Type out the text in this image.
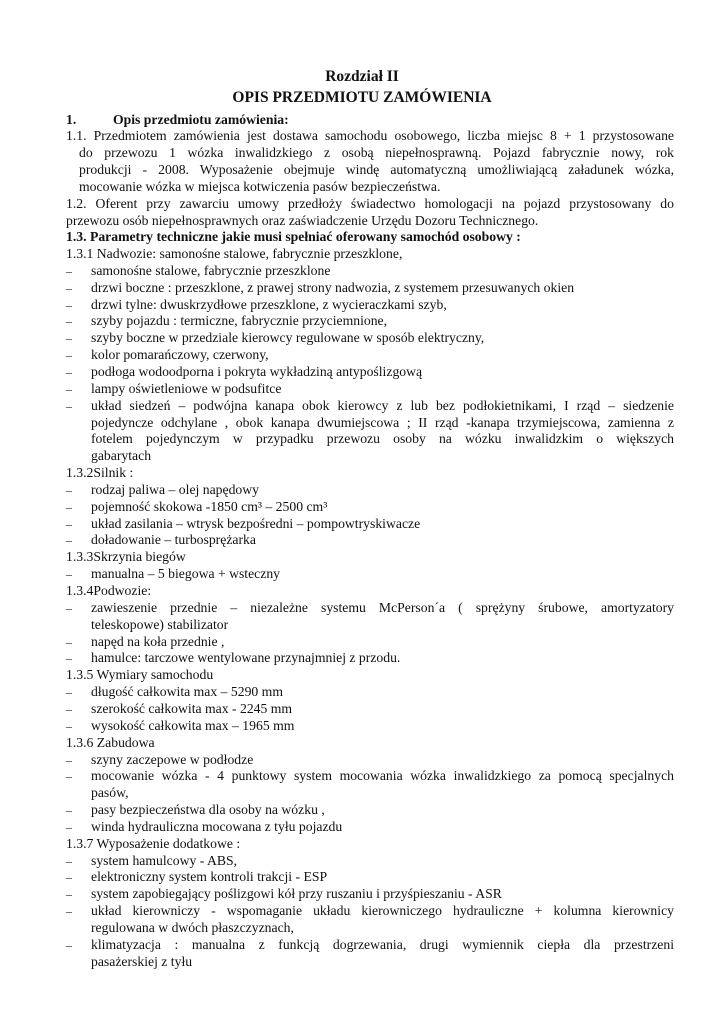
Rozdział II
OPIS PRZEDMIOTU ZAMÓWIENIA
1.	Opis przedmiotu zamówienia:
1.1. Przedmiotem zamówienia jest dostawa samochodu osobowego, liczba miejsc 8 + 1 przystosowane
do przewozu 1 wózka inwalidzkiego z osobą niepełnosprawną. Pojazd fabrycznie nowy, rok
produkcji - 2008. Wyposażenie obejmuje windę automatyczną umożliwiającą załadunek wózka,
mocowanie wózka w miejsca kotwiczenia pasów bezpieczeństwa.
1.2. Oferent przy zawarciu umowy przedłoży świadectwo homologacji na pojazd przystosowany do
przewozu osób niepełnosprawnych oraz zaświadczenie Urzędu Dozoru Technicznego.
1.3. Parametry techniczne jakie musi spełniać oferowany samochód osobowy :
1.3.1 Nadwozie: samonośne stalowe, fabrycznie przeszklone,
– samonośne stalowe, fabrycznie przeszklone
– drzwi boczne : przeszklone, z prawej strony nadwozia, z systemem przesuwanych okien
– drzwi tylne: dwuskrzydłowe przeszklone, z wycieraczkami szyb,
– szyby pojazdu : termiczne, fabrycznie przyciemnione,
– szyby boczne w przedziale kierowcy regulowane w sposób elektryczny,
– kolor pomarańczowy, czerwony,
– podłoga wodoodporna i pokryta wykładziną antypoślizgową
– lampy oświetleniowe w podsufitce
– układ siedzeń – podwójna kanapa obok kierowcy z lub bez podłokietnikami, I rząd – siedzenie
pojedyncze odchylane , obok kanapa dwumiejscowa ; II rząd -kanapa trzymiejscowa, zamienna z
fotelem pojedynczym w przypadku przewozu osoby na wózku inwalidzkim o większych
gabarytach
1.3.2Silnik :
– rodzaj paliwa – olej napędowy
– pojemność skokowa -1850 cm³ – 2500 cm³
– układ zasilania – wtrysk bezpośredni – pompowtryskiwacze
– doładowanie – turbosprężarka
1.3.3Skrzynia biegów
– manualna – 5 biegowa + wsteczny
1.3.4Podwozie:
– zawieszenie przednie – niezależne systemu McPerson´a ( sprężyny śrubowe, amortyzatory
teleskopowe) stabilizator
– napęd na koła przednie ,
– hamulce: tarczowe wentylowane przynajmniej z przodu.
1.3.5 Wymiary samochodu
– długość całkowita max – 5290 mm
– szerokość całkowita max - 2245 mm
– wysokość całkowita max – 1965 mm
1.3.6 Zabudowa
– szyny zaczepowe w podłodze
– mocowanie wózka - 4 punktowy system mocowania wózka inwalidzkiego za pomocą specjalnych
pasów,
– pasy bezpieczeństwa dla osoby na wózku ,
– winda hydrauliczna mocowana z tyłu pojazdu
1.3.7 Wyposażenie dodatkowe :
– system hamulcowy - ABS,
– elektroniczny system kontroli trakcji - ESP
– system zapobiegający poślizgowi kół przy ruszaniu i przyśpieszaniu - ASR
– układ kierowniczy - wspomaganie układu kierowniczego hydrauliczne + kolumna kierownicy
regulowana w dwóch płaszczyznach,
– klimatyzacja : manualna z funkcją dogrzewania, drugi wymiennik ciepła dla przestrzeni
pasażerskiej z tyłu
